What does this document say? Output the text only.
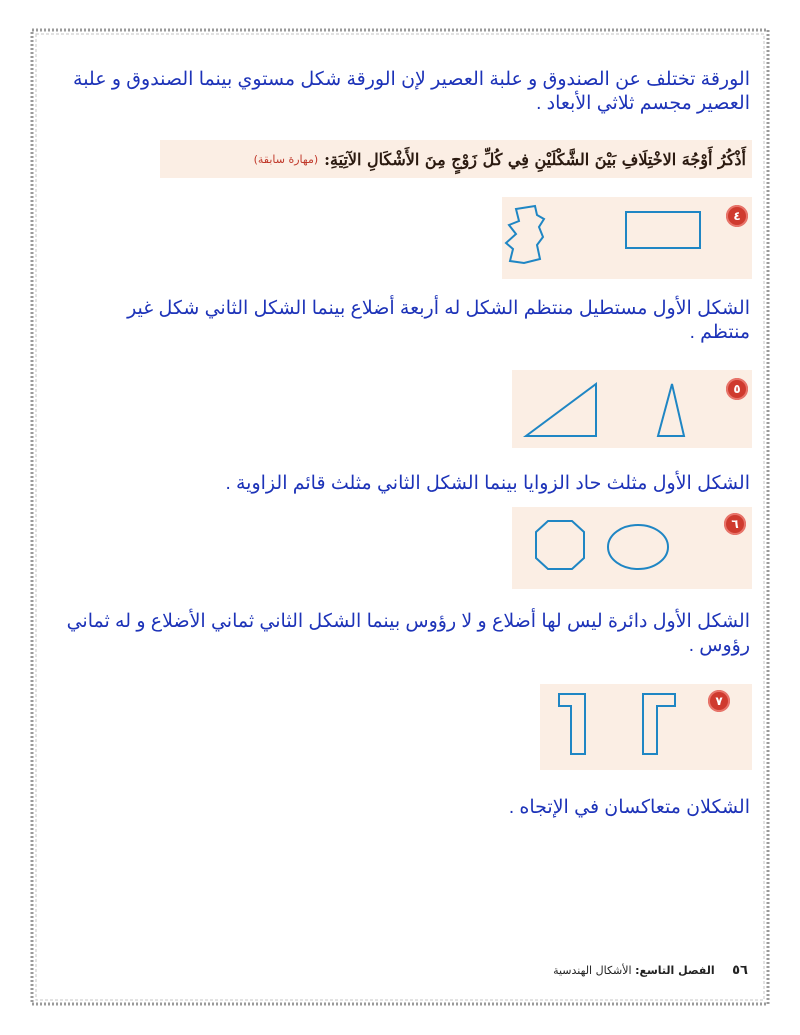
الورقة تختلف عن الصندوق و علبة العصير لإن الورقة شكل مستوي بينما الصندوق و علبة العصير مجسم ثلاثي الأبعاد .
أَذْكُرُ أَوْجُهَ الاخْتِلَافِ بَيْنَ الشَّكْلَيْنِ فِي كُلِّ زَوْجٍ مِنَ الأَشْكَالِ الآتِيَةِ:
(مهارة سابقة)
٤
الشكل الأول مستطيل منتظم الشكل له أربعة أضلاع بينما الشكل الثاني شكل غير منتظم .
٥
الشكل الأول مثلث حاد الزوايا بينما الشكل الثاني مثلث قائم الزاوية .
٦
الشكل الأول دائرة ليس لها أضلاع و لا رؤوس بينما الشكل الثاني ثماني الأضلاع و له ثماني رؤوس .
٧
الشكلان متعاكسان في الإتجاه .
٥٦ الفصل التاسع: الأشكال الهندسية
